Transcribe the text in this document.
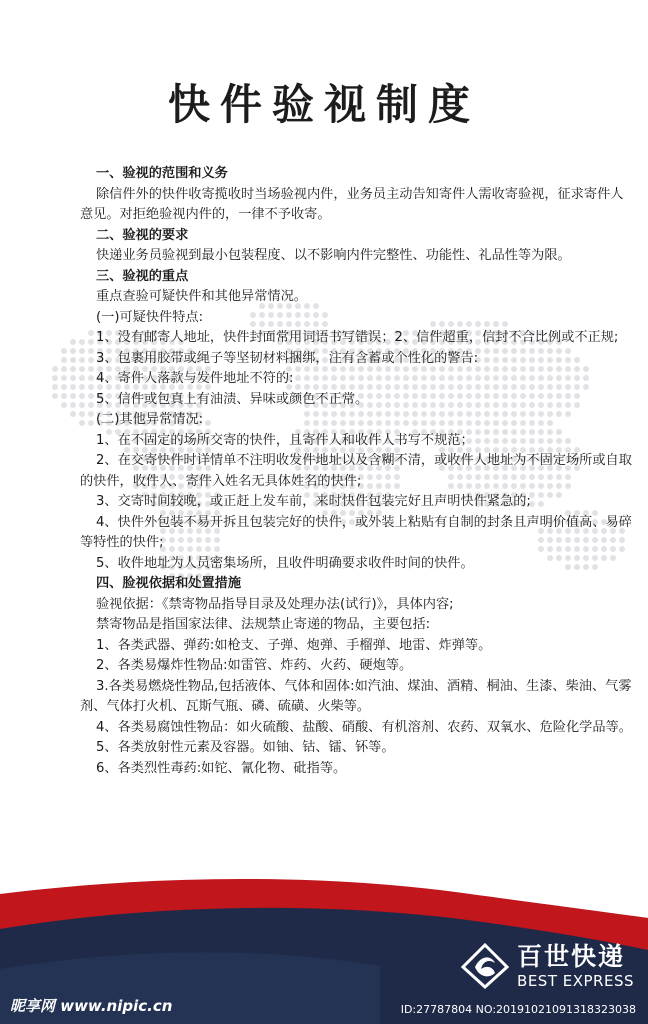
快件验视制度

一、验视的范围和义务

除信件外的快件收寄揽收时当场验视内件，业务员主动告知寄件人需收寄验视，征求寄件人意见。对拒绝验视内件的，一律不予收寄。

二、验视的要求

快递业务员验视到最小包装程度、以不影响内件完整性、功能性、礼品性等为限。

三、验视的重点

重点查验可疑快件和其他异常情况。

(一)可疑快件特点:

1、没有邮寄人地址，快件封面常用词语书写错误；2、信件超重，信封不合比例或不正规;

3、包裹用胶带或绳子等坚韧材料捆绑，注有含蓄或个性化的警告:

4、寄件人落款与发件地址不符的:

5、信件或包真上有油渍、异味或颜色不正常。

(二)其他异常情况:

1、在不固定的场所交寄的快件，且寄件人和收件人书写不规范；

2、在交寄快件时详情单不注明收发件地址以及含糊不清，或收件人地址为不固定场所或自取的快件，收件人、寄件入姓名无具体姓名的快件;

3、交寄时间较晚，或正赶上发车前，来时快件包装完好且声明快件紧急的;

4、快件外包装不易开拆且包装完好的快件，或外装上粘贴有自制的封条且声明价值高、易碎等特性的快件;

5、收件地址为人员密集场所，且收件明确要求收件时间的快件。

四、脸视依据和处置措施

验视依据：《禁寄物品指导目录及处理办法(试行)》，具体内容;

禁寄物品是指国家法律、法规禁止寄递的物品，主要包括:

1、各类武器、弹药:如枪支、子弹、炮弹、手榴弹、地雷、炸弹等。

2、各类易爆炸性物品:如雷管、炸药、火药、硬炮等。

3.各类易燃烧性物品,包括液体、气体和固体:如汽油、煤油、酒精、桐油、生漆、柴油、气雾剂、气体打火机、瓦斯气瓶、磷、硫磺、火柴等。

4、各类易腐蚀性物品：如火硫酸、盐酸、硝酸、有机溶剂、农药、双氧水、危险化学品等。

5、各类放射性元素及容器。如铀、钴、镭、钚等。

6、各类烈性毒药:如铊、氰化物、砒指等。

百世快递
BEST EXPRESS
昵享网 www.nipic.cn	ID:27787804 NO:20191021091318323038
